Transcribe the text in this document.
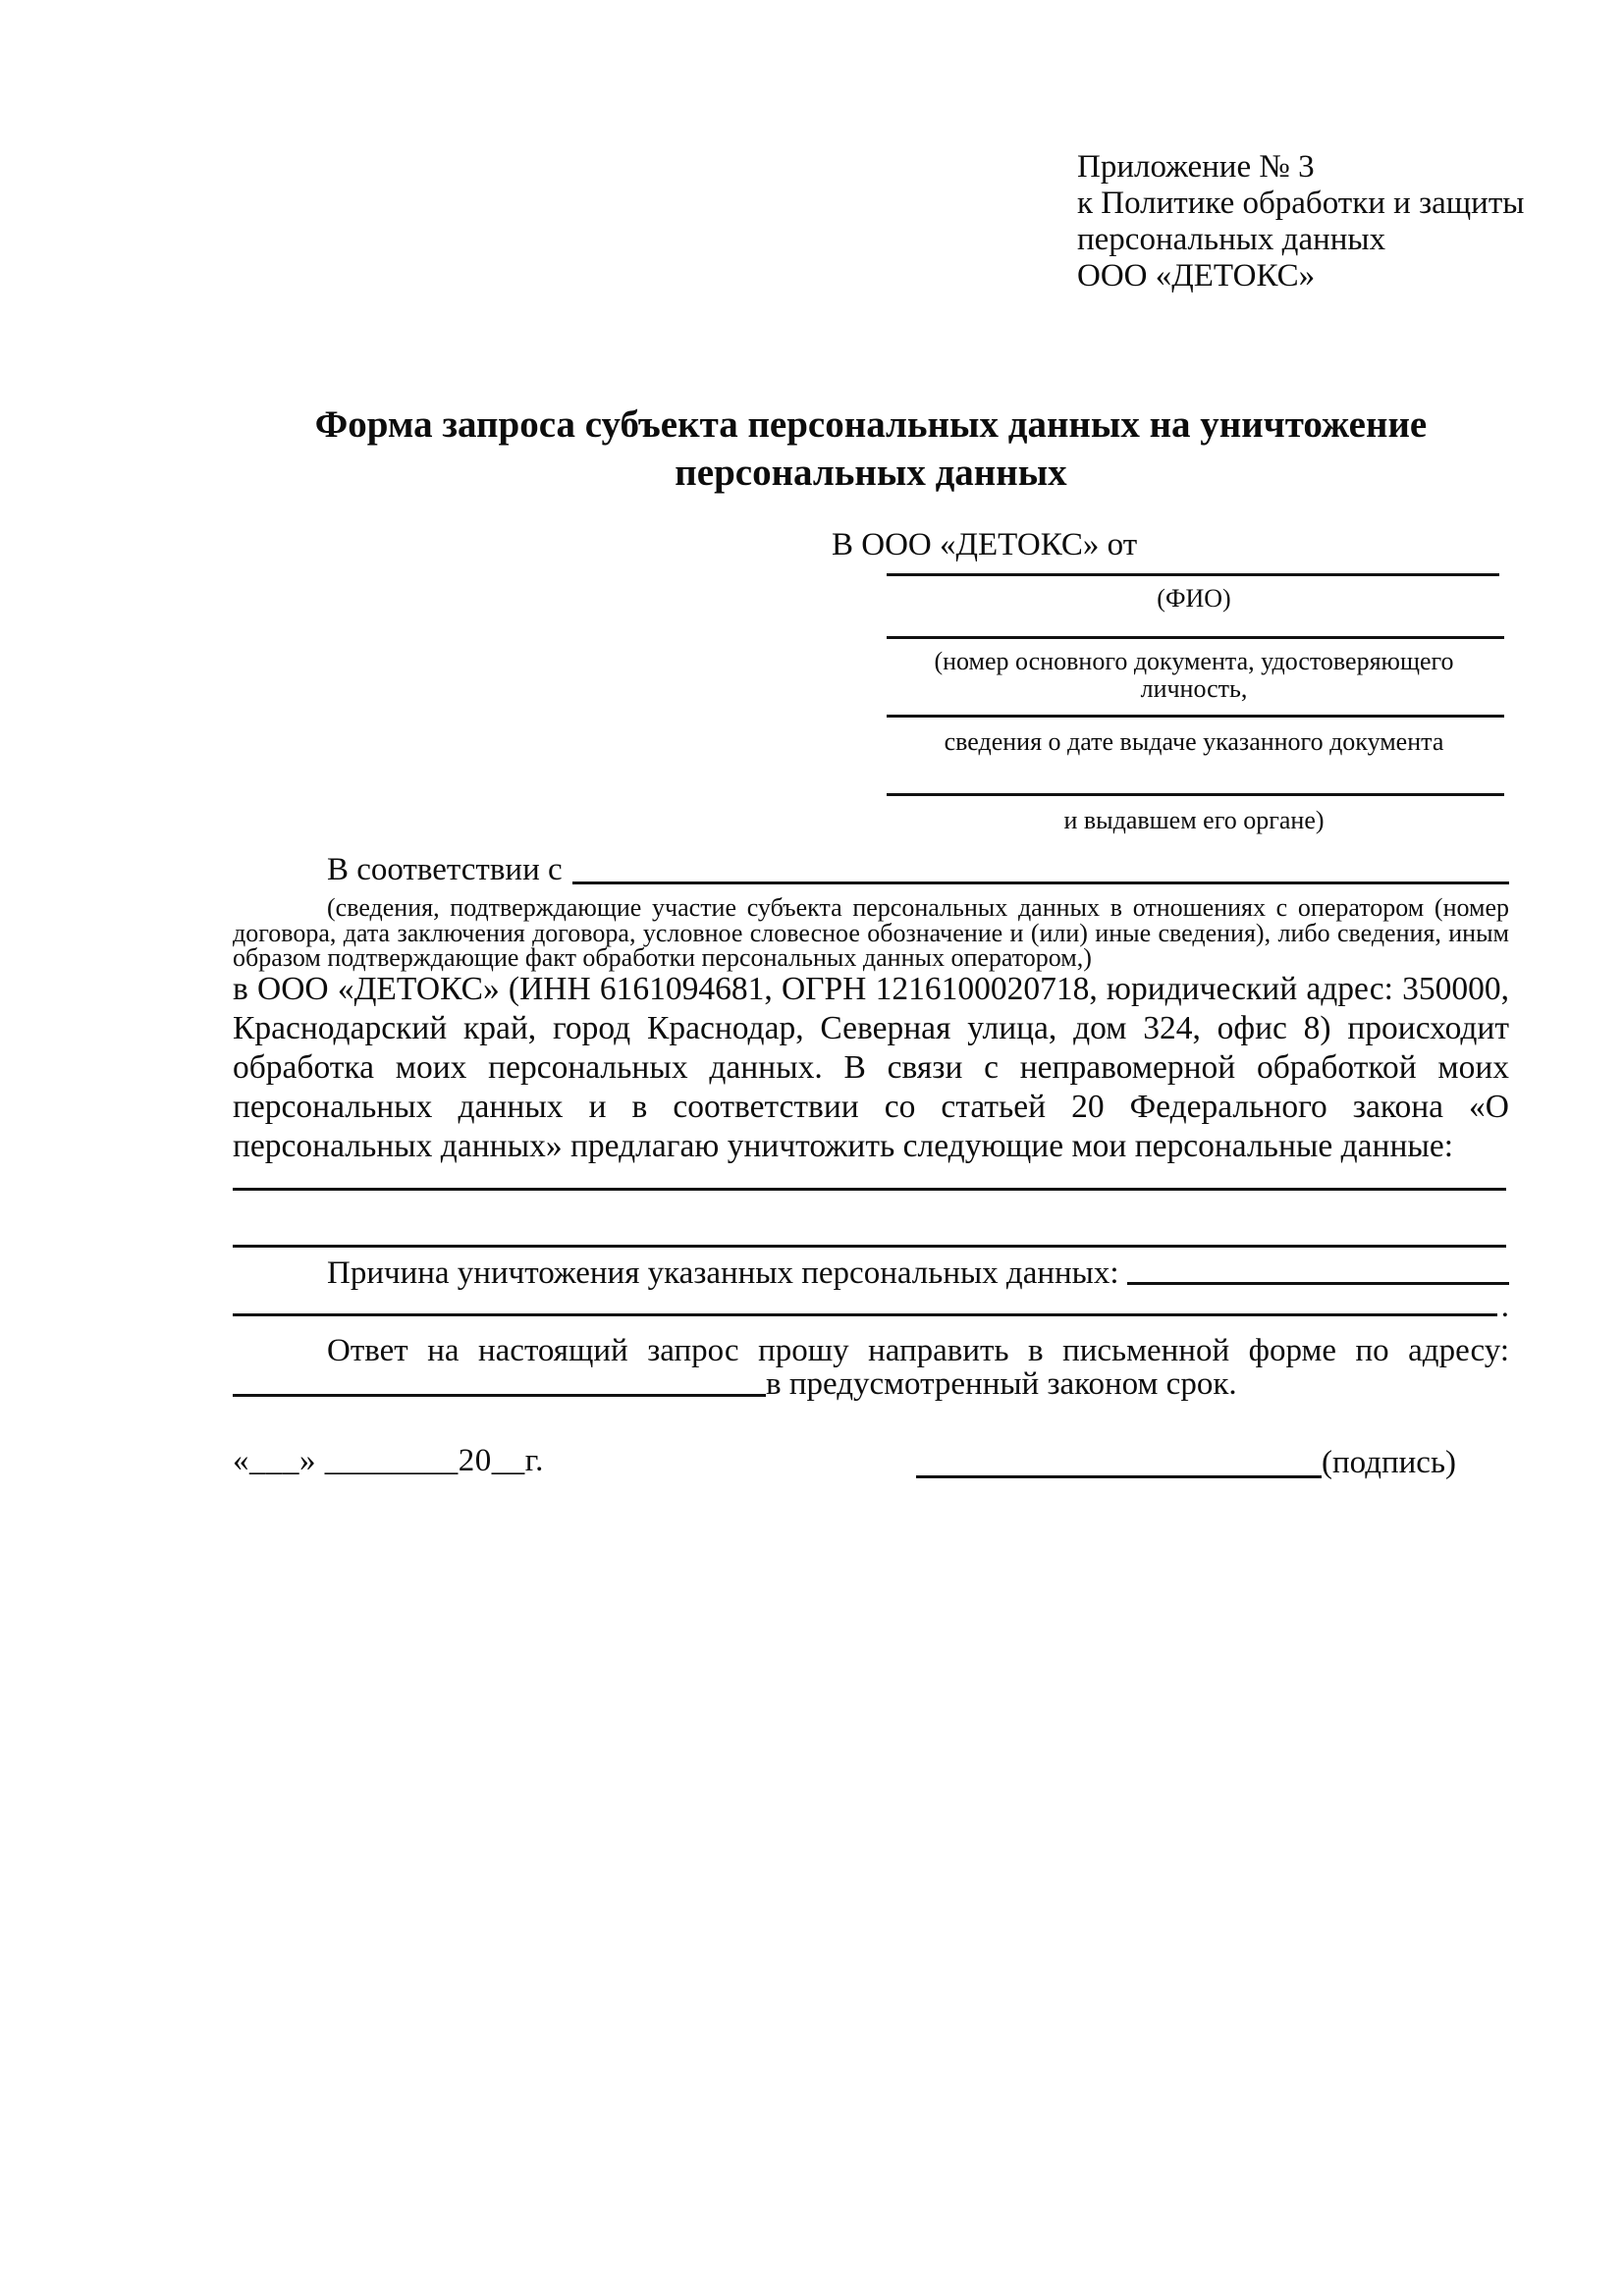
Приложение № 3
к Политике обработки и защиты
персональных данных
ООО «ДЕТОКС»
Форма запроса субъекта персональных данных на уничтожение
персональных данных
В ООО «ДЕТОКС» от
(ФИО)
(номер основного документа, удостоверяющего личность,
сведения о дате выдаче указанного документа
и выдавшем его органе)
В соответствии с
(сведения, подтверждающие участие субъекта персональных данных в отношениях с оператором (номер договора, дата заключения договора, условное словесное обозначение и (или) иные сведения), либо сведения, иным образом подтверждающие факт обработки персональных данных оператором,)
в ООО «ДЕТОКС» (ИНН 6161094681, ОГРН 1216100020718, юридический адрес: 350000, Краснодарский край, город Краснодар, Северная улица, дом 324, офис 8) происходит обработка моих персональных данных. В связи с неправомерной обработкой моих персональных данных и в соответствии со статьей 20 Федерального закона «О персональных данных» предлагаю уничтожить следующие мои персональные данные:
Причина уничтожения указанных персональных данных:
.
Ответ на настоящий запрос прошу направить в письменной форме по адресу:
в предусмотренный законом срок.
«___» ________20__г.	(подпись)
